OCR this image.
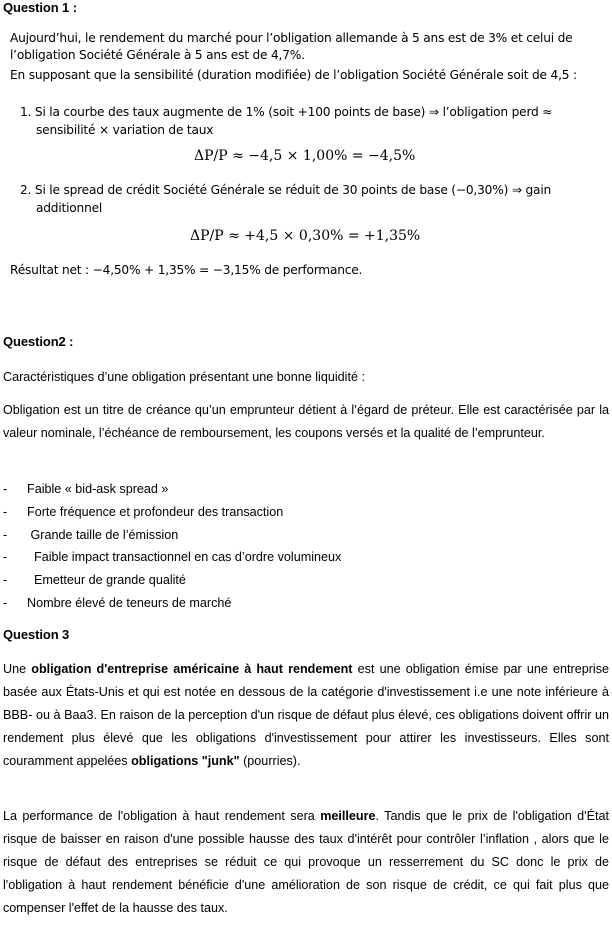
Question 1 :
Aujourd’hui, le rendement du marché pour l’obligation allemande à 5 ans est de 3% et celui de
l’obligation Société Générale à 5 ans est de 4,7%.
En supposant que la sensibilité (duration modifiée) de l’obligation Société Générale soit de 4,5 :
1. Si la courbe des taux augmente de 1% (soit +100 points de base) ⇒ l’obligation perd ≈
sensibilité × variation de taux
ΔP/P ≈ −4,5 × 1,00% = −4,5%
2. Si le spread de crédit Société Générale se réduit de 30 points de base (−0,30%) ⇒ gain
additionnel
ΔP/P ≈ +4,5 × 0,30% = +1,35%
Résultat net : −4,50% + 1,35% = −3,15% de performance.
Question2 :
Caractéristiques d’une obligation présentant une bonne liquidité :
Obligation est un titre de créance qu’un emprunteur détient à l’égard de préteur. Elle est caractérisée par la valeur nominale, l’échéance de remboursement, les coupons versés et la qualité de l’emprunteur.
- Faible « bid-ask spread »
- Forte fréquence et profondeur des transaction
- Grande taille de l’émission
-  Faible impact transactionnel en cas d’ordre volumineux
-  Emetteur de grande qualité
- Nombre élevé de teneurs de marché
Question 3
Une obligation d'entreprise américaine à haut rendement est une obligation émise par une entreprise basée aux États-Unis et qui est notée en dessous de la catégorie d'investissement i.e une note inférieure à BBB- ou à Baa3. En raison de la perception d'un risque de défaut plus élevé, ces obligations doivent offrir un rendement plus élevé que les obligations d'investissement pour attirer les investisseurs. Elles sont couramment appelées obligations "junk" (pourries).
La performance de l'obligation à haut rendement sera meilleure. Tandis que le prix de l'obligation d'État risque de baisser en raison d'une possible hausse des taux d'intérêt pour contrôler l’inflation , alors que le risque de défaut des entreprises se réduit ce qui provoque un resserrement du SC donc le prix de l'obligation à haut rendement bénéficie d'une amélioration de son risque de crédit, ce qui fait plus que compenser l'effet de la hausse des taux.
